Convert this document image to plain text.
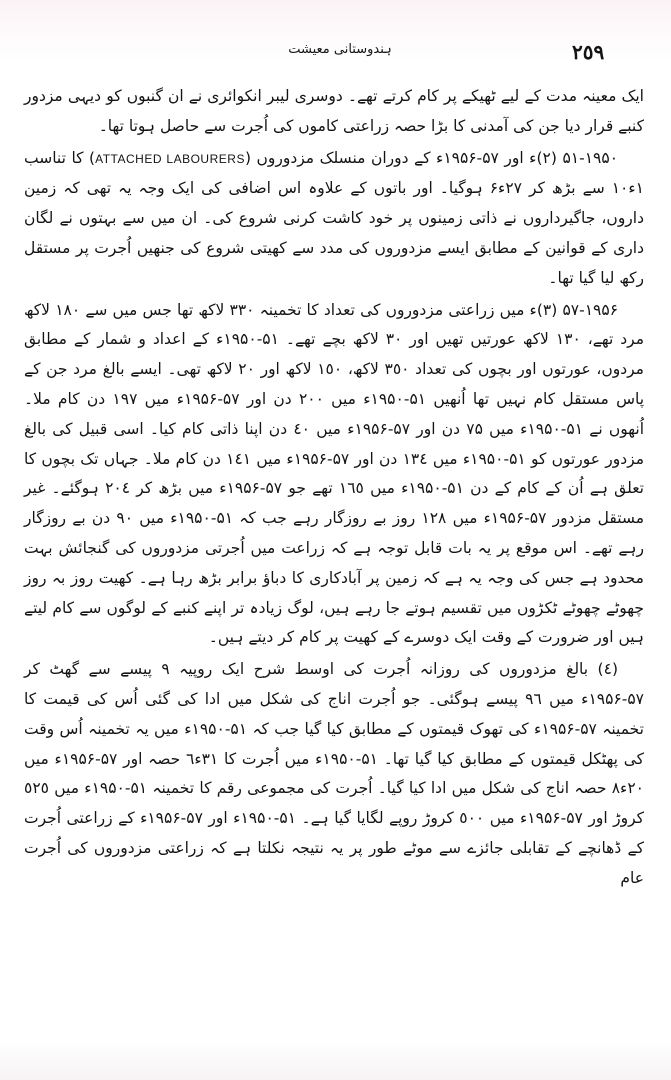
٢٥٩
ہندوستانی معیشت

ایک معینہ مدت کے لیے ٹھیکے پر کام کرتے تھے۔ دوسری لیبر انکوائری نے ان گنبوں کو دیہی مزدور کنبے قرار دیا جن کی آمدنی کا بڑا حصہ زراعتی کاموں کی اُجرت سے حاصل ہوتا تھا۔

(٢) ۵۱-۱۹۵۰ء اور ۵۷-۱۹۵۶ء کے دوران منسلک مزدوروں (ATTACHED LABOURERS) کا تناسب ۱ء۱۰ سے بڑھ کر ۲۷ء۶ ہوگیا۔ اور باتوں کے علاوہ اس اضافی کی ایک وجہ یہ تھی کہ زمین داروں، جاگیرداروں نے ذاتی زمینوں پر خود کاشت کرنی شروع کی۔ ان میں سے بہتوں نے لگان داری کے قوانین کے مطابق ایسے مزدوروں کی مدد سے کھیتی شروع کی جنھیں اُجرت پر مستقل رکھ لیا گیا تھا۔

(٣) ۵۷-۱۹۵۶ء میں زراعتی مزدوروں کی تعداد کا تخمینہ ٣٣٠ لاکھ تھا جس میں سے ١٨٠ لاکھ مرد تھے، ١٣٠ لاکھ عورتیں تھیں اور ٣٠ لاکھ بچے تھے۔ ۵۱-۱۹۵۰ء کے اعداد و شمار کے مطابق مردوں، عورتوں اور بچوں کی تعداد ٣٥٠ لاکھ، ١٥٠ لاکھ اور ٢٠ لاکھ تھی۔ ایسے بالغ مرد جن کے پاس مستقل کام نہیں تھا اُنھیں ۵۱-۱۹۵۰ء میں ٢٠٠ دن اور ۵۷-۱۹۵۶ء میں ١٩٧ دن کام ملا۔ اُنھوں نے ۵۱-۱۹۵۰ء میں ٧۵ دن اور ۵۷-۱۹۵۶ء میں ٤٠ دن اپنا ذاتی کام کیا۔ اسی قبیل کی بالغ مزدور عورتوں کو ۵۱-۱۹۵۰ء میں ١٣٤ دن اور ۵۷-۱۹۵۶ء میں ١٤١ دن کام ملا۔ جہاں تک بچوں کا تعلق ہے اُن کے کام کے دن ۵۱-۱۹۵۰ء میں ١٦٥ تھے جو ۵۷-۱۹۵۶ء میں بڑھ کر ٢٠٤ ہوگئے۔ غیر مستقل مزدور ۵۷-۱۹۵۶ء میں ١٢٨ روز بے روزگار رہے جب کہ ۵۱-۱۹۵۰ء میں ٩٠ دن بے روزگار رہے تھے۔ اس موقع پر یہ بات قابل توجہ ہے کہ زراعت میں اُجرتی مزدوروں کی گنجائش بہت محدود ہے جس کی وجہ یہ ہے کہ زمین پر آبادکاری کا دباؤ برابر بڑھ رہا ہے۔ کھیت روز بہ روز چھوٹے چھوٹے ٹکڑوں میں تقسیم ہوتے جا رہے ہیں، لوگ زیادہ تر اپنے کنبے کے لوگوں سے کام لیتے ہیں اور ضرورت کے وقت ایک دوسرے کے کھیت پر کام کر دیتے ہیں۔

(٤) بالغ مزدوروں کی روزانہ اُجرت کی اوسط شرح ایک روپیہ ٩ پیسے سے گھٹ کر ۵۷-۱۹۵۶ء میں ٩٦ پیسے ہوگئی۔ جو اُجرت اناج کی شکل میں ادا کی گئی اُس کی قیمت کا تخمینہ ۵۷-۱۹۵۶ء کی تھوک قیمتوں کے مطابق کیا گیا جب کہ ۵۱-۱۹۵۰ء میں یہ تخمینہ اُس وقت کی پھٹکل قیمتوں کے مطابق کیا گیا تھا۔ ۵۱-۱۹۵۰ء میں اُجرت کا ۳۱ء٦ حصہ اور ۵۷-۱۹۵۶ء میں ۲۰ء۸ حصہ اناج کی شکل میں ادا کیا گیا۔ اُجرت کی مجموعی رقم کا تخمینہ ۵۱-۱۹۵۰ء میں ٥٢٥ کروڑ اور ۵۷-۱۹۵۶ء میں ٥٠٠ کروڑ روپے لگایا گیا ہے۔ ۵۱-۱۹۵۰ء اور ۵۷-۱۹۵۶ء کے زراعتی اُجرت کے ڈھانچے کے تقابلی جائزے سے موٹے طور پر یہ نتیجہ نکلتا ہے کہ زراعتی مزدوروں کی اُجرت عام
